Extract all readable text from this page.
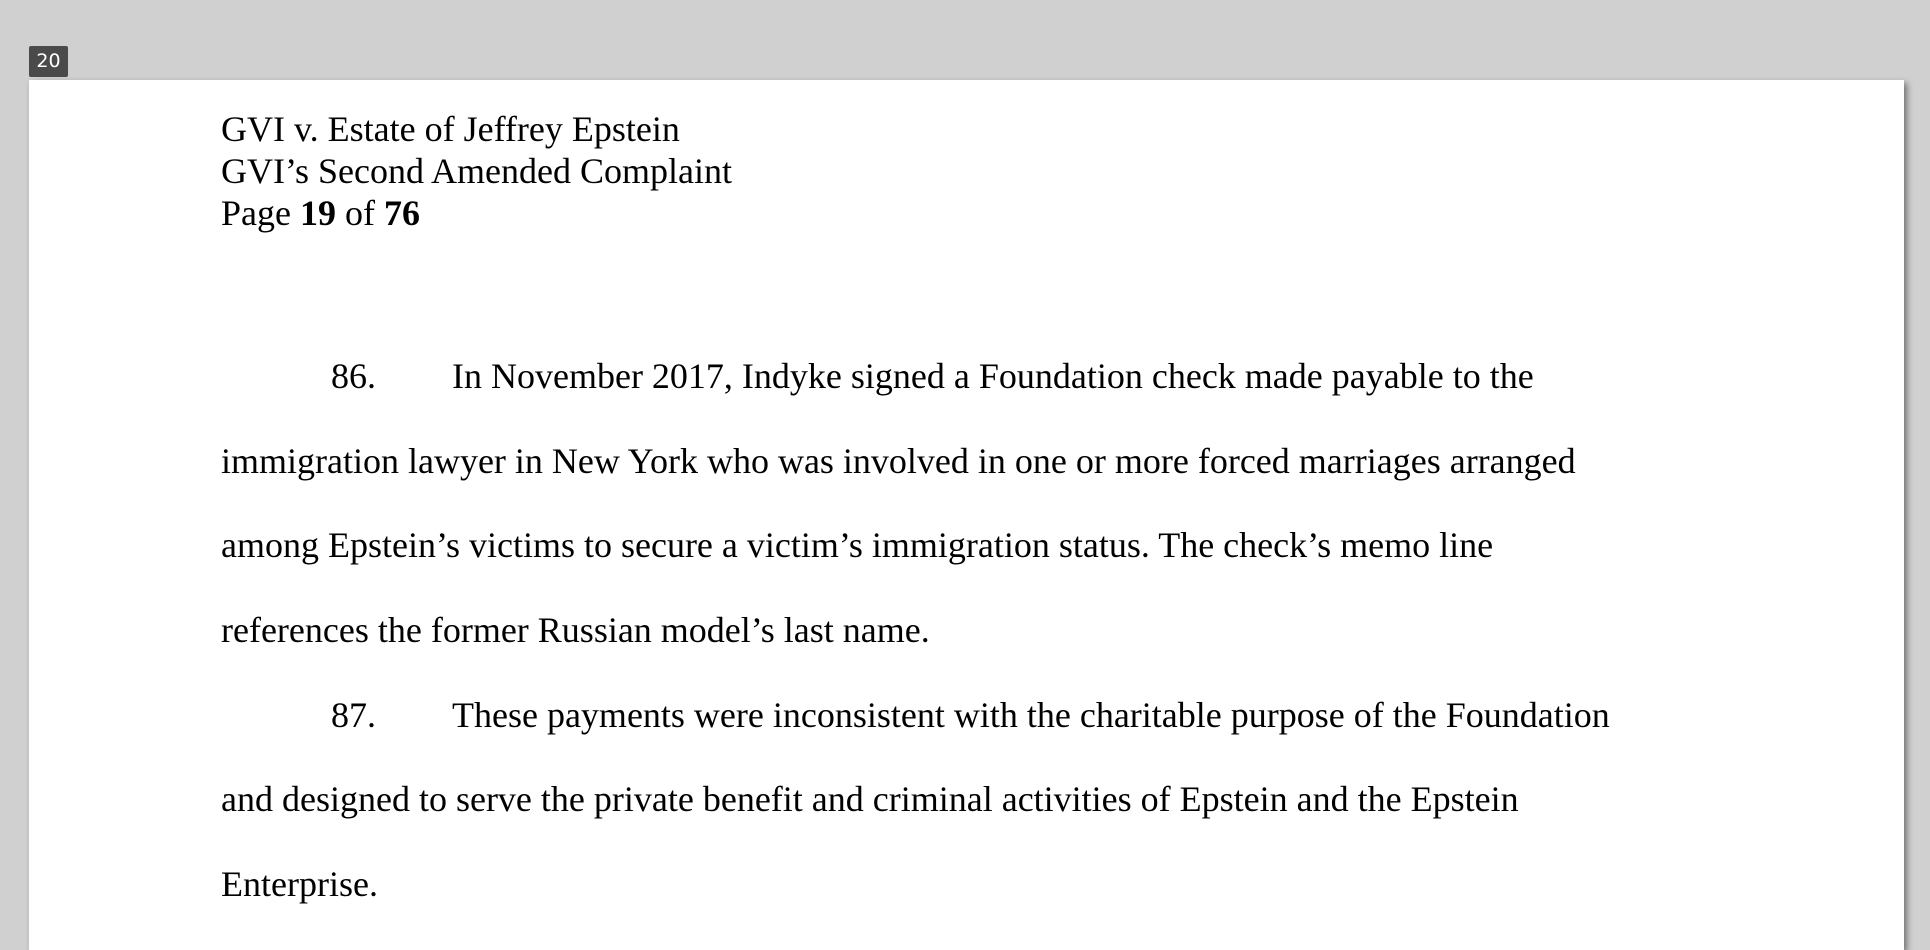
20
GVI v. Estate of Jeffrey Epstein
GVI’s Second Amended Complaint
Page 19 of 76
86. In November 2017, Indyke signed a Foundation check made payable to the
immigration lawyer in New York who was involved in one or more forced marriages arranged
among Epstein’s victims to secure a victim’s immigration status. The check’s memo line
references the former Russian model’s last name.
87. These payments were inconsistent with the charitable purpose of the Foundation
and designed to serve the private benefit and criminal activities of Epstein and the Epstein
Enterprise.
